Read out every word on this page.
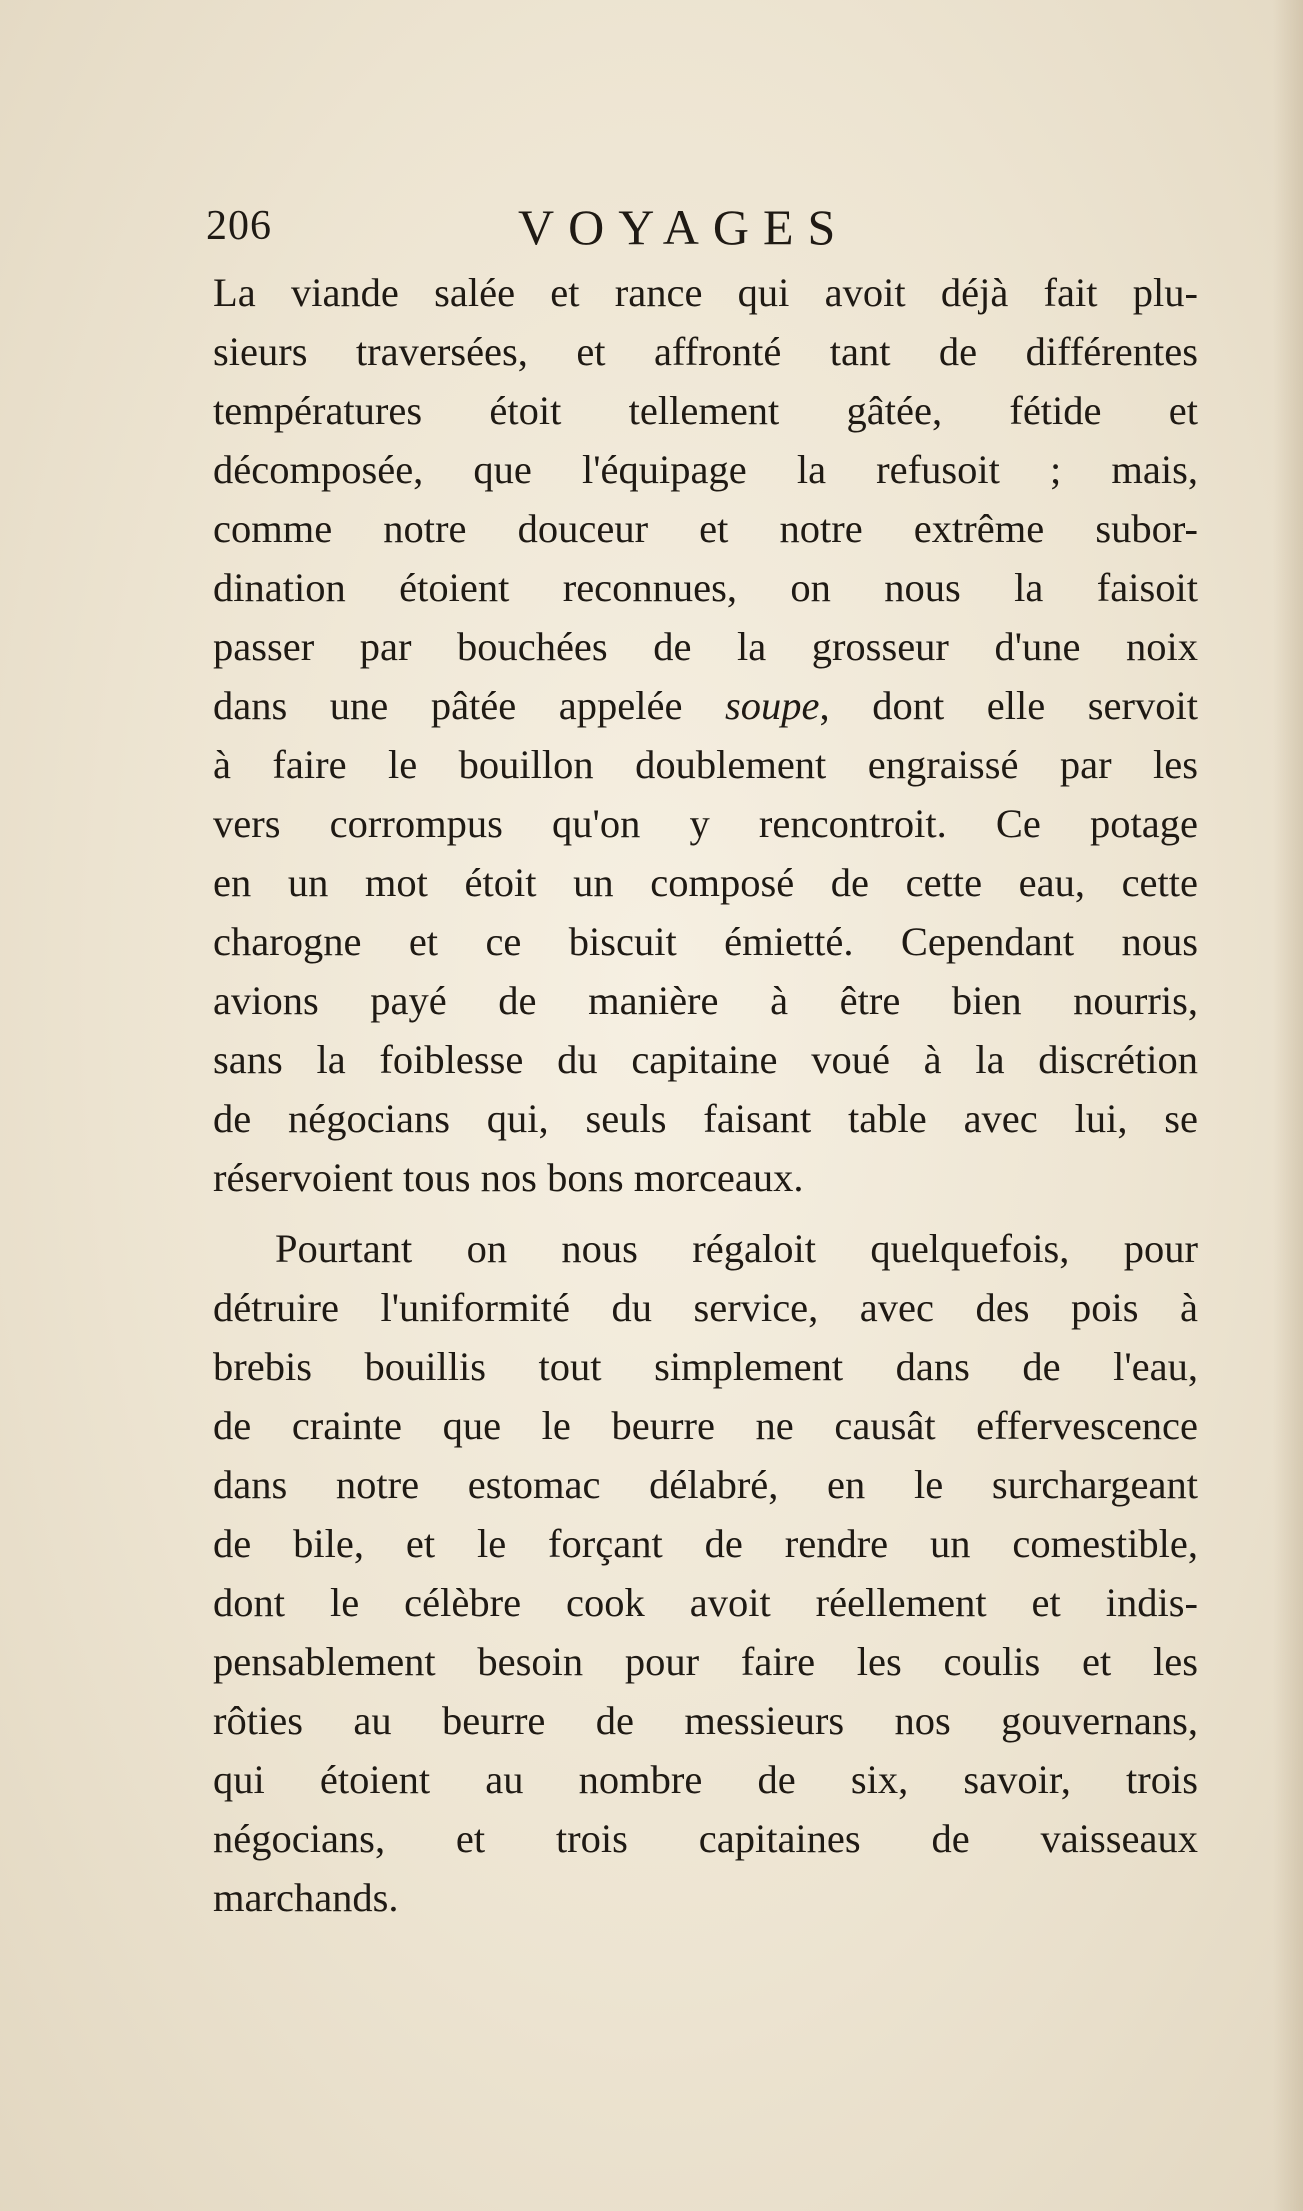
206	VOYAGES

La viande salée et rance qui avoit déjà fait plu-
sieurs traversées, et affronté tant de différentes
températures étoit tellement gâtée, fétide et
décomposée, que l'équipage la refusoit ; mais,
comme notre douceur et notre extrême subor-
dination étoient reconnues, on nous la faisoit
passer par bouchées de la grosseur d'une noix
dans une pâtée appelée soupe, dont elle servoit
à faire le bouillon doublement engraissé par les
vers corrompus qu'on y rencontroit. Ce potage
en un mot étoit un composé de cette eau, cette
charogne et ce biscuit émietté. Cependant nous
avions payé de manière à être bien nourris,
sans la foiblesse du capitaine voué à la discrétion
de négocians qui, seuls faisant table avec lui, se
réservoient tous nos bons morceaux.

Pourtant on nous régaloit quelquefois, pour
détruire l'uniformité du service, avec des pois à
brebis bouillis tout simplement dans de l'eau,
de crainte que le beurre ne causât effervescence
dans notre estomac délabré, en le surchargeant
de bile, et le forçant de rendre un comestible,
dont le célèbre cook avoit réellement et indis-
pensablement besoin pour faire les coulis et les
rôties au beurre de messieurs nos gouvernans,
qui étoient au nombre de six, savoir, trois
négocians, et trois capitaines de vaisseaux
marchands.
